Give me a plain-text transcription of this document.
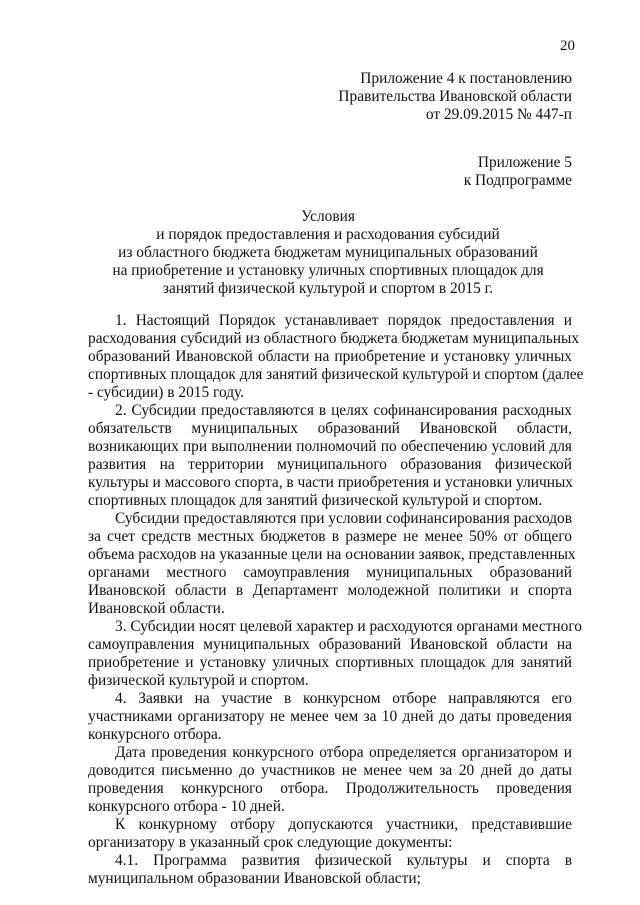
20
Приложение 4 к постановлению
Правительства Ивановской области
от 29.09.2015 № 447-п
Приложение 5
к Подпрограмме
Условия
и порядок предоставления и расходования субсидий
из областного бюджета бюджетам муниципальных образований
на приобретение и установку уличных спортивных площадок для
занятий физической культурой и спортом в 2015 г.
1. Настоящий Порядок устанавливает порядок предоставления и
расходования субсидий из областного бюджета бюджетам муниципальных
образований Ивановской области на приобретение и установку уличных
спортивных площадок для занятий физической культурой и спортом (далее
- субсидии) в 2015 году.
2. Субсидии предоставляются в целях софинансирования расходных
обязательств муниципальных образований Ивановской области,
возникающих при выполнении полномочий по обеспечению условий для
развития на территории муниципального образования физической
культуры и массового спорта, в части приобретения и установки уличных
спортивных площадок для занятий физической культурой и спортом.
Субсидии предоставляются при условии софинансирования расходов
за счет средств местных бюджетов в размере не менее 50% от общего
объема расходов на указанные цели на основании заявок, представленных
органами местного самоуправления муниципальных образований
Ивановской области в Департамент молодежной политики и спорта
Ивановской области.
3. Субсидии носят целевой характер и расходуются органами местного
самоуправления муниципальных образований Ивановской области на
приобретение и установку уличных спортивных площадок для занятий
физической культурой и спортом.
4. Заявки на участие в конкурсном отборе направляются его
участниками организатору не менее чем за 10 дней до даты проведения
конкурсного отбора.
Дата проведения конкурсного отбора определяется организатором и
доводится письменно до участников не менее чем за 20 дней до даты
проведения конкурсного отбора. Продолжительность проведения
конкурсного отбора - 10 дней.
К конкурному отбору допускаются участники, представившие
организатору в указанный срок следующие документы:
4.1. Программа развития физической культуры и спорта в
муниципальном образовании Ивановской области;
